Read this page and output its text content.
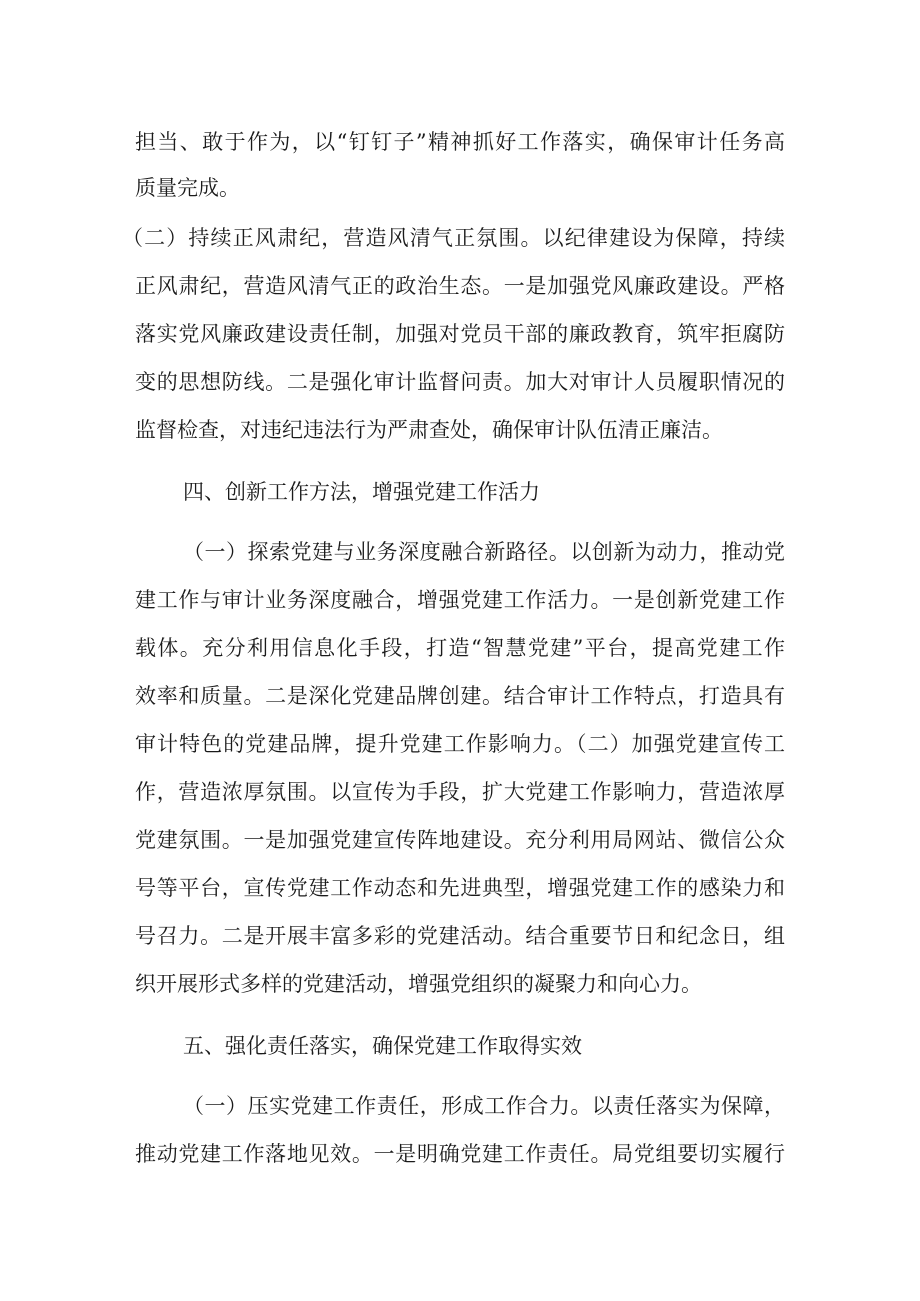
担当、敢于作为，以“钉钉子”精神抓好工作落实，确保审计任务高

质量完成。

（二）持续正风肃纪，营造风清气正氛围。以纪律建设为保障，持续

正风肃纪，营造风清气正的政治生态。一是加强党风廉政建设。严格

落实党风廉政建设责任制，加强对党员干部的廉政教育，筑牢拒腐防

变的思想防线。二是强化审计监督问责。加大对审计人员履职情况的

监督检查，对违纪违法行为严肃查处，确保审计队伍清正廉洁。

四、创新工作方法，增强党建工作活力

（一）探索党建与业务深度融合新路径。以创新为动力，推动党

建工作与审计业务深度融合，增强党建工作活力。一是创新党建工作

载体。充分利用信息化手段，打造“智慧党建”平台，提高党建工作

效率和质量。二是深化党建品牌创建。结合审计工作特点，打造具有

审计特色的党建品牌，提升党建工作影响力。（二）加强党建宣传工

作，营造浓厚氛围。以宣传为手段，扩大党建工作影响力，营造浓厚

党建氛围。一是加强党建宣传阵地建设。充分利用局网站、微信公众

号等平台，宣传党建工作动态和先进典型，增强党建工作的感染力和

号召力。二是开展丰富多彩的党建活动。结合重要节日和纪念日，组

织开展形式多样的党建活动，增强党组织的凝聚力和向心力。

五、强化责任落实，确保党建工作取得实效

（一）压实党建工作责任，形成工作合力。以责任落实为保障，

推动党建工作落地见效。一是明确党建工作责任。局党组要切实履行
